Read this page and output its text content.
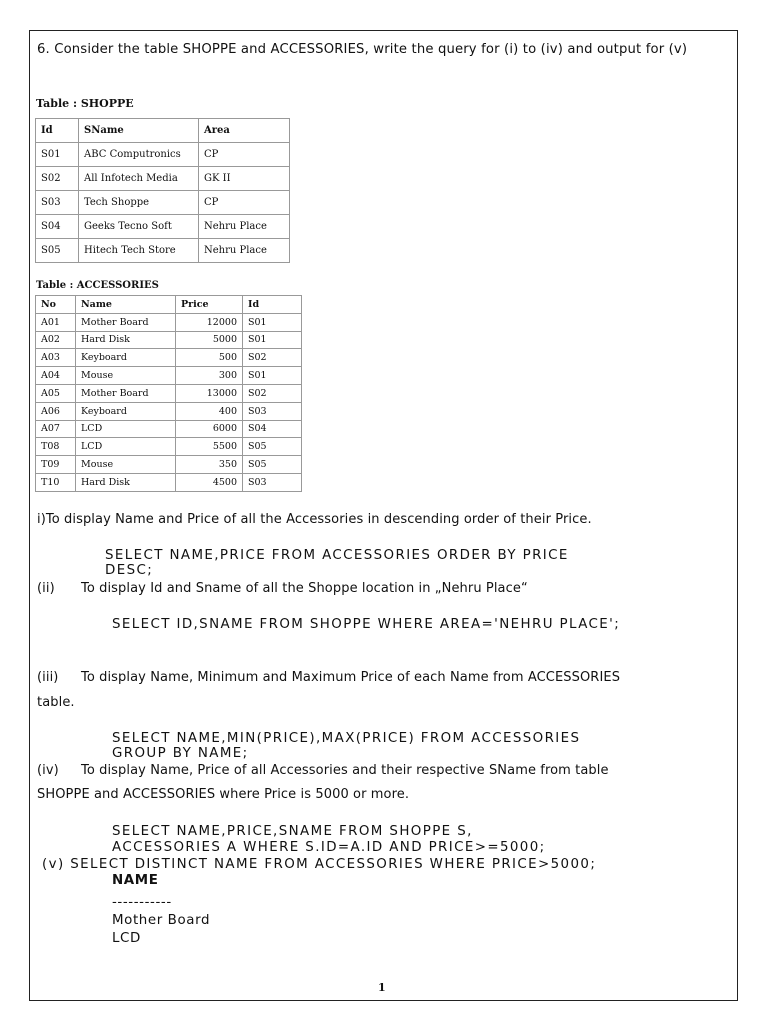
6. Consider the table SHOPPE and ACCESSORIES, write the query for (i) to (iv) and output for (v)
Table : SHOPPE
Id	SName	Area
S01	ABC Computronics	CP
S02	All Infotech Media	GK II
S03	Tech Shoppe	CP
S04	Geeks Tecno Soft	Nehru Place
S05	Hitech Tech Store	Nehru Place
Table : ACCESSORIES
No	Name	Price	Id
A01	Mother Board	12000	S01
A02	Hard Disk	5000	S01
A03	Keyboard	500	S02
A04	Mouse	300	S01
A05	Mother Board	13000	S02
A06	Keyboard	400	S03
A07	LCD	6000	S04
T08	LCD	5500	S05
T09	Mouse	350	S05
T10	Hard Disk	4500	S03
i)To display Name and Price of all the Accessories in descending order of their Price.
SELECT NAME,PRICE FROM ACCESSORIES ORDER BY PRICE
DESC;
(ii) To display Id and Sname of all the Shoppe location in „Nehru Place“
SELECT ID,SNAME FROM SHOPPE WHERE AREA='NEHRU PLACE';
(iii) To display Name, Minimum and Maximum Price of each Name from ACCESSORIES
table.
SELECT NAME,MIN(PRICE),MAX(PRICE) FROM ACCESSORIES
GROUP BY NAME;
(iv) To display Name, Price of all Accessories and their respective SName from table
SHOPPE and ACCESSORIES where Price is 5000 or more.
SELECT NAME,PRICE,SNAME FROM SHOPPE S,
ACCESSORIES A WHERE S.ID=A.ID AND PRICE>=5000;
(v) SELECT DISTINCT NAME FROM ACCESSORIES WHERE PRICE>5000;
NAME
-----------
Mother Board
LCD
1
